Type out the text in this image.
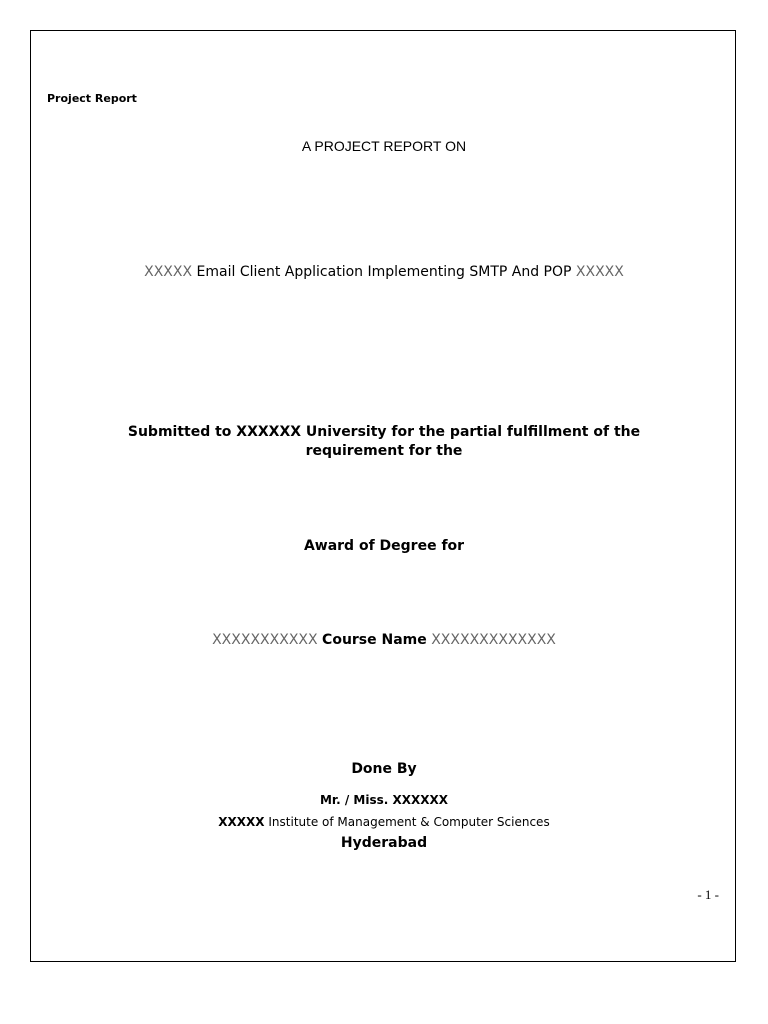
Project Report

A PROJECT REPORT ON

XXXXX Email Client Application Implementing SMTP And POP XXXXX

Submitted to XXXXXX University for the partial fulfillment of the
requirement for the

Award of Degree for

XXXXXXXXXXX Course Name XXXXXXXXXXXXX

Done By

Mr. / Miss. XXXXXX

XXXXX Institute of Management & Computer Sciences

Hyderabad

- 1 -
